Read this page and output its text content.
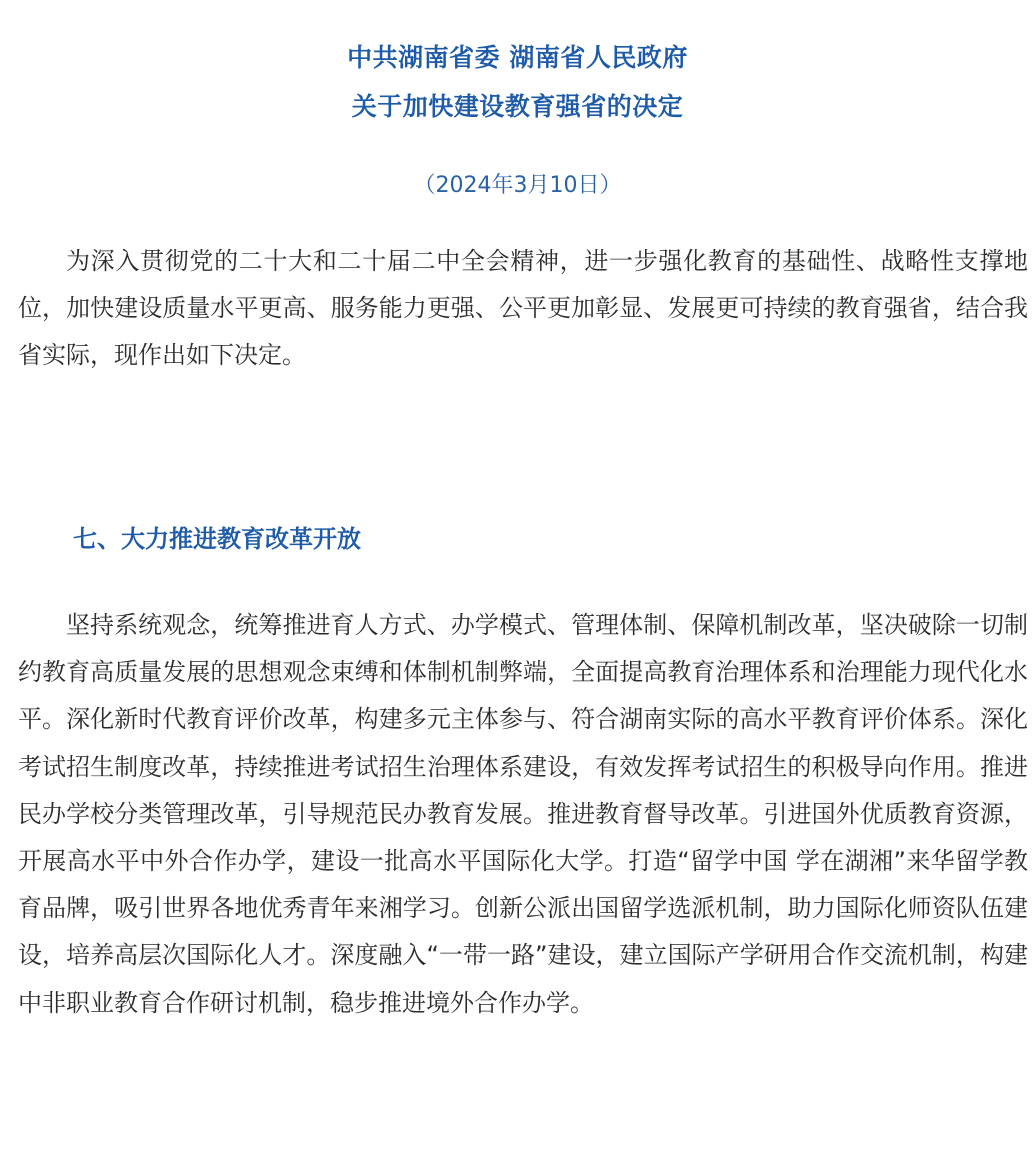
中共湖南省委 湖南省人民政府
关于加快建设教育强省的决定
（2024年3月10日）

为深入贯彻党的二十大和二十届二中全会精神，进一步强化教育的基础性、战略性支撑地位，加快建设质量水平更高、服务能力更强、公平更加彰显、发展更可持续的教育强省，结合我省实际，现作出如下决定。

七、大力推进教育改革开放

坚持系统观念，统筹推进育人方式、办学模式、管理体制、保障机制改革，坚决破除一切制约教育高质量发展的思想观念束缚和体制机制弊端，全面提高教育治理体系和治理能力现代化水平。深化新时代教育评价改革，构建多元主体参与、符合湖南实际的高水平教育评价体系。深化考试招生制度改革，持续推进考试招生治理体系建设，有效发挥考试招生的积极导向作用。推进民办学校分类管理改革，引导规范民办教育发展。推进教育督导改革。引进国外优质教育资源，开展高水平中外合作办学，建设一批高水平国际化大学。打造“留学中国 学在湖湘”来华留学教育品牌，吸引世界各地优秀青年来湘学习。创新公派出国留学选派机制，助力国际化师资队伍建设，培养高层次国际化人才。深度融入“一带一路”建设，建立国际产学研用合作交流机制，构建中非职业教育合作研讨机制，稳步推进境外合作办学。
